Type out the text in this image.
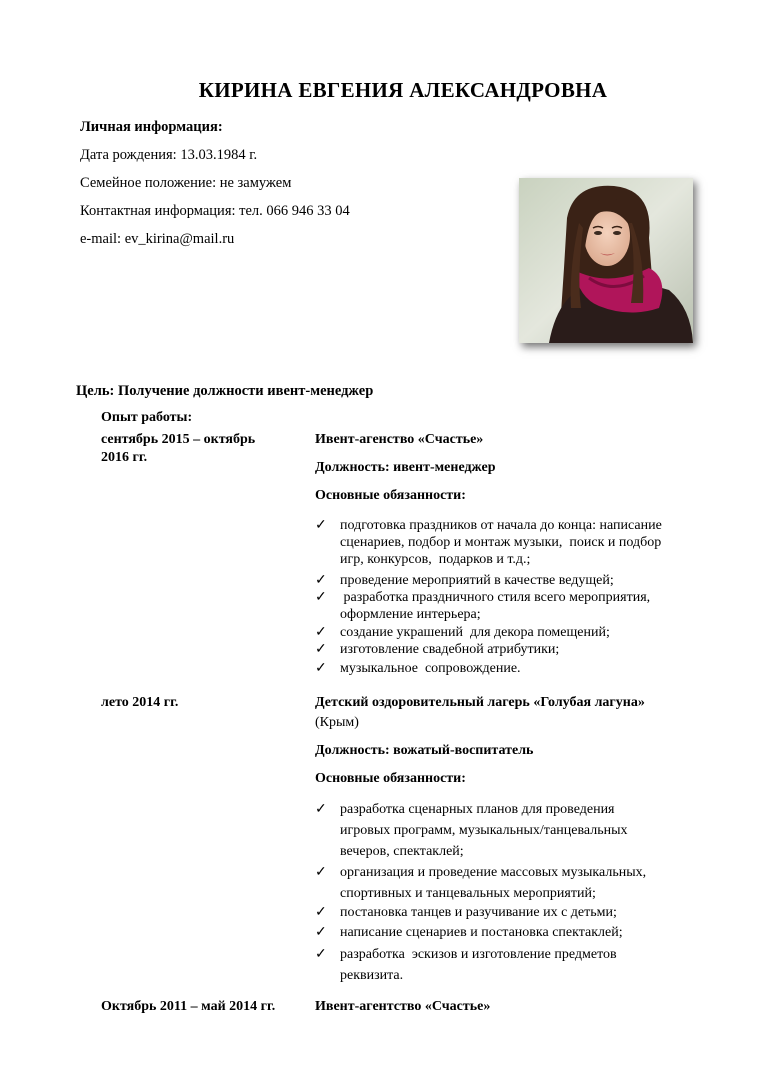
КИРИНА ЕВГЕНИЯ АЛЕКСАНДРОВНА
Личная информация:
Дата рождения: 13.03.1984 г.
Семейное положение: не замужем
Контактная информация: тел. 066 946 33 04
e-mail: ev_kirina@mail.ru
Цель: Получение должности ивент-менеджер
Опыт работы:
сентябрь 2015 – октябрь
2016 гг.
Ивент-агенство «Счастье»
Должность: ивент-менеджер
Основные обязанности:
✓ подготовка праздников от начала до конца: написание
сценариев, подбор и монтаж музыки,  поиск и подбор
игр, конкурсов,  подарков и т.д.;
✓ проведение мероприятий в качестве ведущей;
✓ разработка праздничного стиля всего мероприятия,
оформление интерьера;
✓ создание украшений  для декора помещений;
✓ изготовление свадебной атрибутики;
✓ музыкальное  сопровождение.
лето 2014 гг.	Детский оздоровительный лагерь «Голубая лагуна»
(Крым)
Должность: вожатый-воспитатель
Основные обязанности:
✓ разработка сценарных планов для проведения
игровых программ, музыкальных/танцевальных
вечеров, спектаклей;
✓ организация и проведение массовых музыкальных,
спортивных и танцевальных мероприятий;
✓ постановка танцев и разучивание их с детьми;
✓ написание сценариев и постановка спектаклей;
✓ разработка  эскизов и изготовление предметов
реквизита.
Октябрь 2011 – май 2014 гг.	Ивент-агентство «Счастье»
